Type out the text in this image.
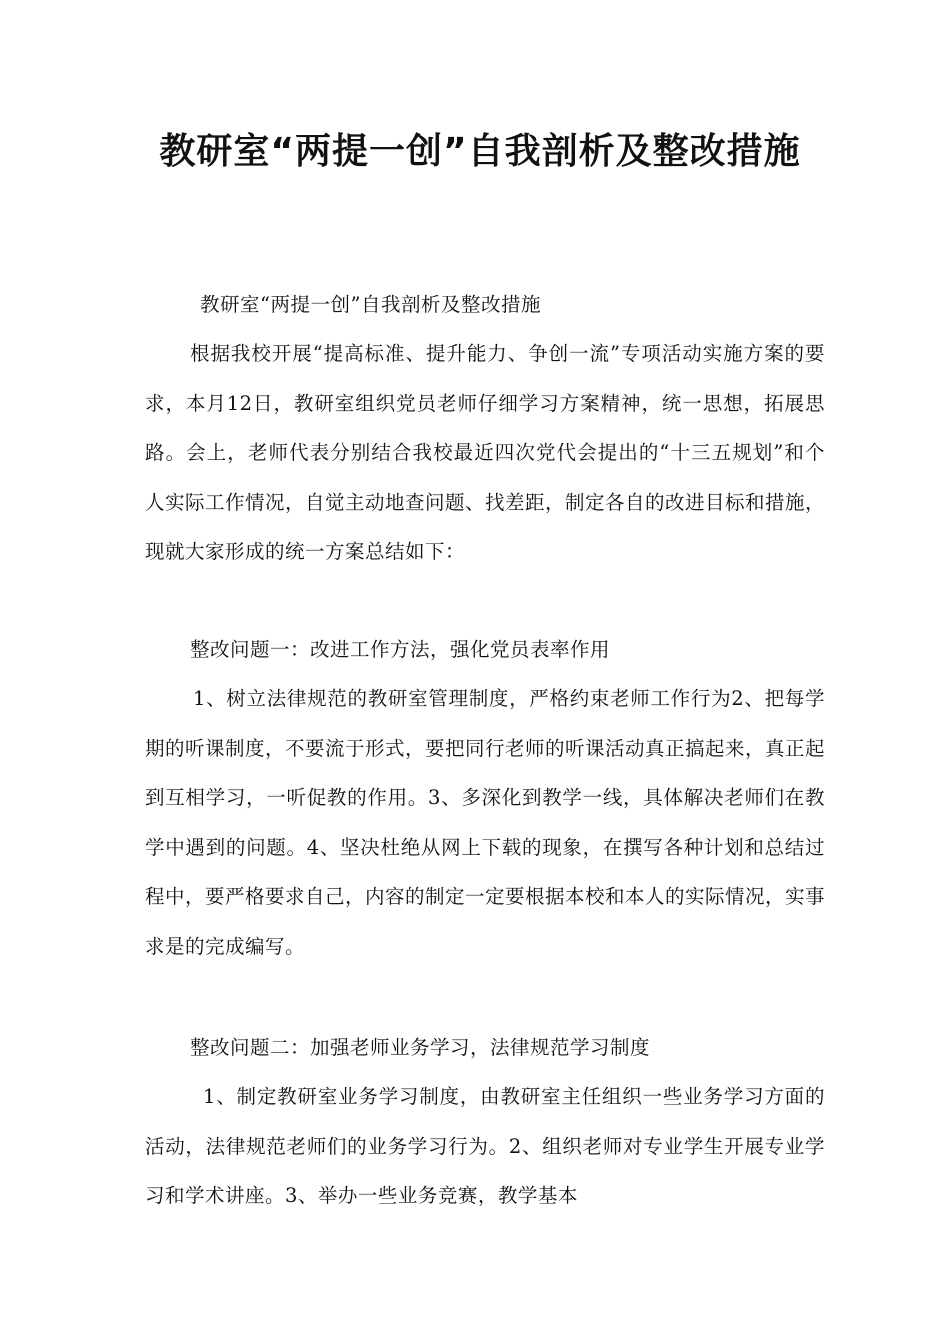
教研室“两提一创”自我剖析及整改措施

教研室“两提一创”自我剖析及整改措施

根据我校开展“提高标准、提升能力、争创一流”专项活动实施方案的要求，本月12日，教研室组织党员老师仔细学习方案精神，统一思想，拓展思路。会上，老师代表分别结合我校最近四次党代会提出的“十三五规划”和个人实际工作情况，自觉主动地查问题、找差距，制定各自的改进目标和措施，现就大家形成的统一方案总结如下：

整改问题一：改进工作方法，强化党员表率作用

1、树立法律规范的教研室管理制度，严格约束老师工作行为2、把每学期的听课制度，不要流于形式，要把同行老师的听课活动真正搞起来，真正起到互相学习，一听促教的作用。3、多深化到教学一线，具体解决老师们在教学中遇到的问题。4、坚决杜绝从网上下载的现象，在撰写各种计划和总结过程中，要严格要求自己，内容的制定一定要根据本校和本人的实际情况，实事求是的完成编写。

整改问题二：加强老师业务学习，法律规范学习制度

1、制定教研室业务学习制度，由教研室主任组织一些业务学习方面的活动，法律规范老师们的业务学习行为。2、组织老师对专业学生开展专业学习和学术讲座。3、举办一些业务竞赛，教学基本
